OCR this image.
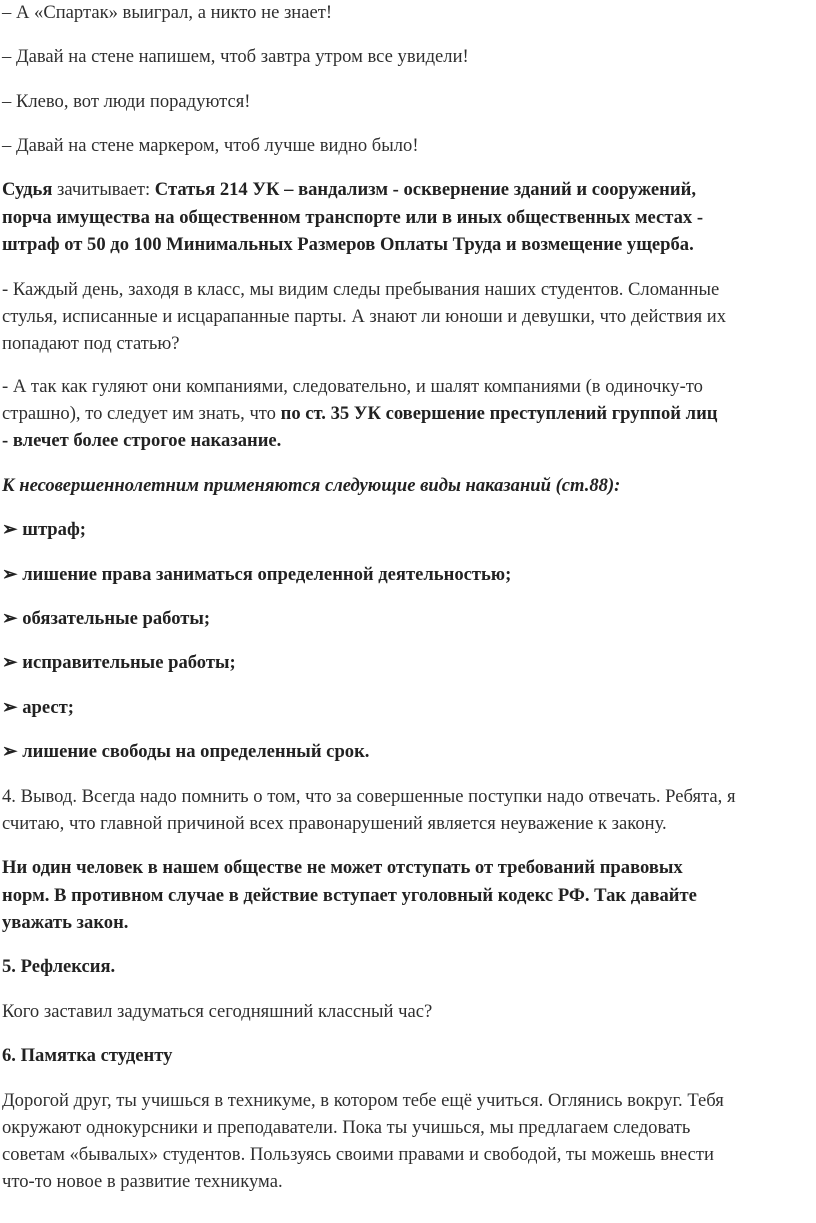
– А «Спартак» выиграл, а никто не знает!

– Давай на стене напишем, чтоб завтра утром все увидели!

– Клево, вот люди порадуются!

– Давай на стене маркером, чтоб лучше видно было!

Судья зачитывает: Статья 214 УК – вандализм - осквернение зданий и сооружений,

порча имущества на общественном транспорте или в иных общественных местах -

штраф от 50 до 100 Минимальных Размеров Оплаты Труда и возмещение ущерба.

- Каждый день, заходя в класс, мы видим следы пребывания наших студентов. Сломанные

стулья, исписанные и исцарапанные парты. А знают ли юноши и девушки, что действия их

попадают под статью?

- А так как гуляют они компаниями, следовательно, и шалят компаниями (в одиночку-то

страшно), то следует им знать, что по ст. 35 УК совершение преступлений группой лиц

- влечет более строгое наказание.

К несовершеннолетним применяются следующие виды наказаний (ст.88):

➢ штраф;

➢ лишение права заниматься определенной деятельностью;

➢ обязательные работы;

➢ исправительные работы;

➢ арест;

➢ лишение свободы на определенный срок.

4. Вывод. Всегда надо помнить о том, что за совершенные поступки надо отвечать. Ребята, я

считаю, что главной причиной всех правонарушений является неуважение к закону.

Ни один человек в нашем обществе не может отступать от требований правовых

норм. В противном случае в действие вступает уголовный кодекс РФ. Так давайте

уважать закон.

5. Рефлексия.

Кого заставил задуматься сегодняшний классный час?

6. Памятка студенту

Дорогой друг, ты учишься в техникуме, в котором тебе ещё учиться. Оглянись вокруг. Тебя

окружают однокурсники и преподаватели. Пока ты учишься, мы предлагаем следовать

советам «бывалых» студентов. Пользуясь своими правами и свободой, ты можешь внести

что-то новое в развитие техникума.
